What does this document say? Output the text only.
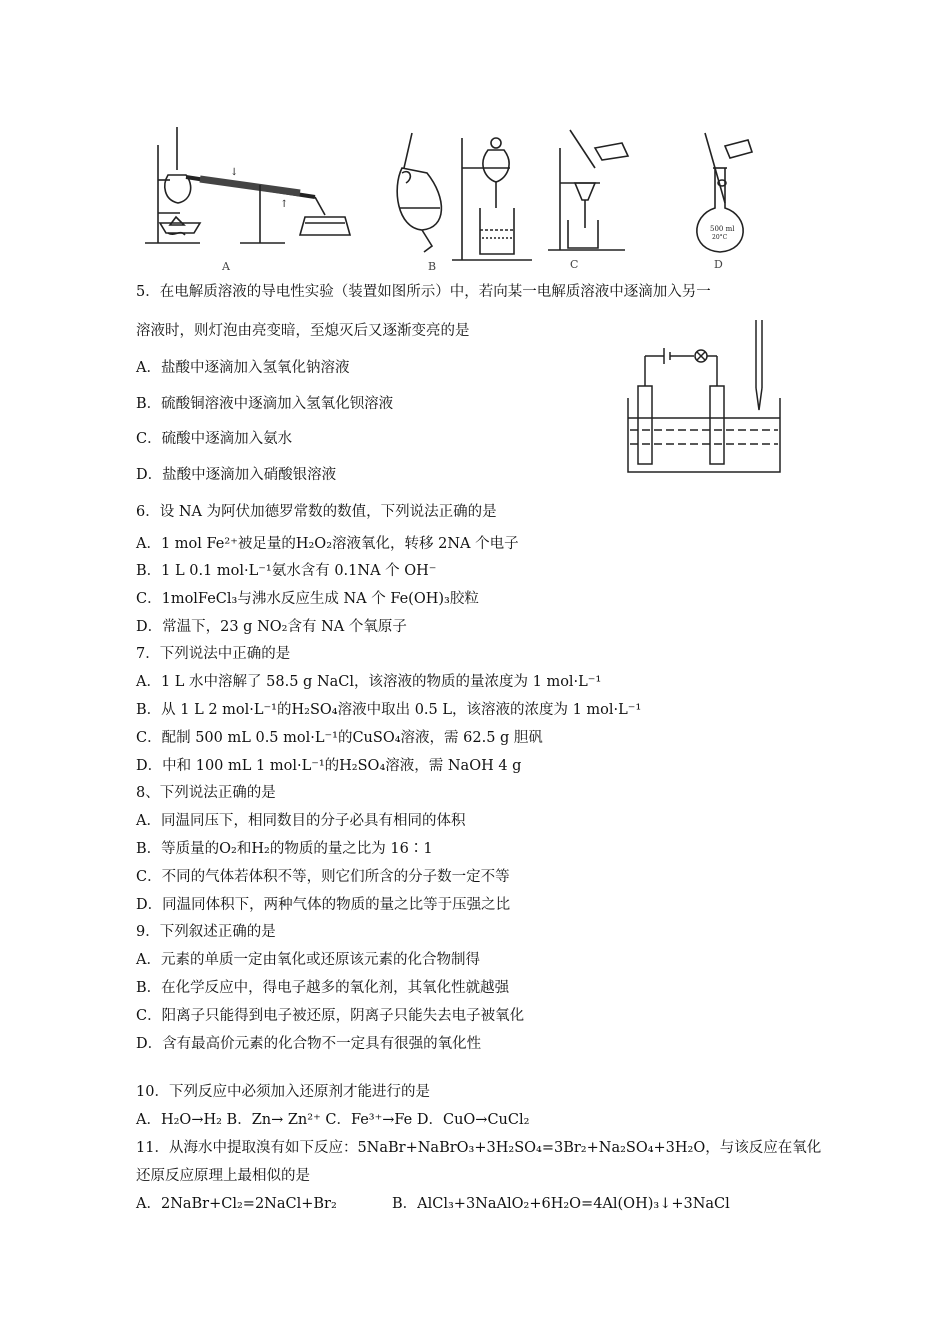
↓
↑
A	B	C
500 ml
20°C
D
5．在电解质溶液的导电性实验（装置如图所示）中，若向某一电解质溶液中逐滴加入另一
溶液时，则灯泡由亮变暗，至熄灭后又逐渐变亮的是
A．盐酸中逐滴加入氢氧化钠溶液
B．硫酸铜溶液中逐滴加入氢氧化钡溶液
C．硫酸中逐滴加入氨水
D．盐酸中逐滴加入硝酸银溶液
6．设 NA 为阿伏加德罗常数的数值，下列说法正确的是
A．1 mol Fe²⁺被足量的H₂O₂溶液氧化，转移 2NA 个电子
B．1 L 0.1 mol·L⁻¹氨水含有 0.1NA 个 OH⁻
C．1molFeCl₃与沸水反应生成 NA 个 Fe(OH)₃胶粒
D．常温下，23 g NO₂含有 NA 个氧原子
7．下列说法中正确的是
A．1 L 水中溶解了 58.5 g NaCl，该溶液的物质的量浓度为 1 mol·L⁻¹
B．从 1 L 2 mol·L⁻¹的H₂SO₄溶液中取出 0.5 L，该溶液的浓度为 1 mol·L⁻¹
C．配制 500 mL 0.5 mol·L⁻¹的CuSO₄溶液，需 62.5 g 胆矾
D．中和 100 mL 1 mol·L⁻¹的H₂SO₄溶液，需 NaOH 4 g
8、下列说法正确的是
A．同温同压下，相同数目的分子必具有相同的体积
B．等质量的O₂和H₂的物质的量之比为 16∶1
C．不同的气体若体积不等，则它们所含的分子数一定不等
D．同温同体积下，两种气体的物质的量之比等于压强之比
9．下列叙述正确的是
A．元素的单质一定由氧化或还原该元素的化合物制得
B．在化学反应中，得电子越多的氧化剂，其氧化性就越强
C．阳离子只能得到电子被还原，阴离子只能失去电子被氧化
D．含有最高价元素的化合物不一定具有很强的氧化性
10．下列反应中必须加入还原剂才能进行的是
A．H₂O→H₂ B．Zn→ Zn²⁺ C．Fe³⁺→Fe D．CuO→CuCl₂
11．从海水中提取溴有如下反应：5NaBr+NaBrO₃+3H₂SO₄=3Br₂+Na₂SO₄+3H₂O，与该反应在氧化
还原反应原理上最相似的是
A．2NaBr+Cl₂=2NaCl+Br₂	B．AlCl₃+3NaAlO₂+6H₂O=4Al(OH)₃↓+3NaCl
